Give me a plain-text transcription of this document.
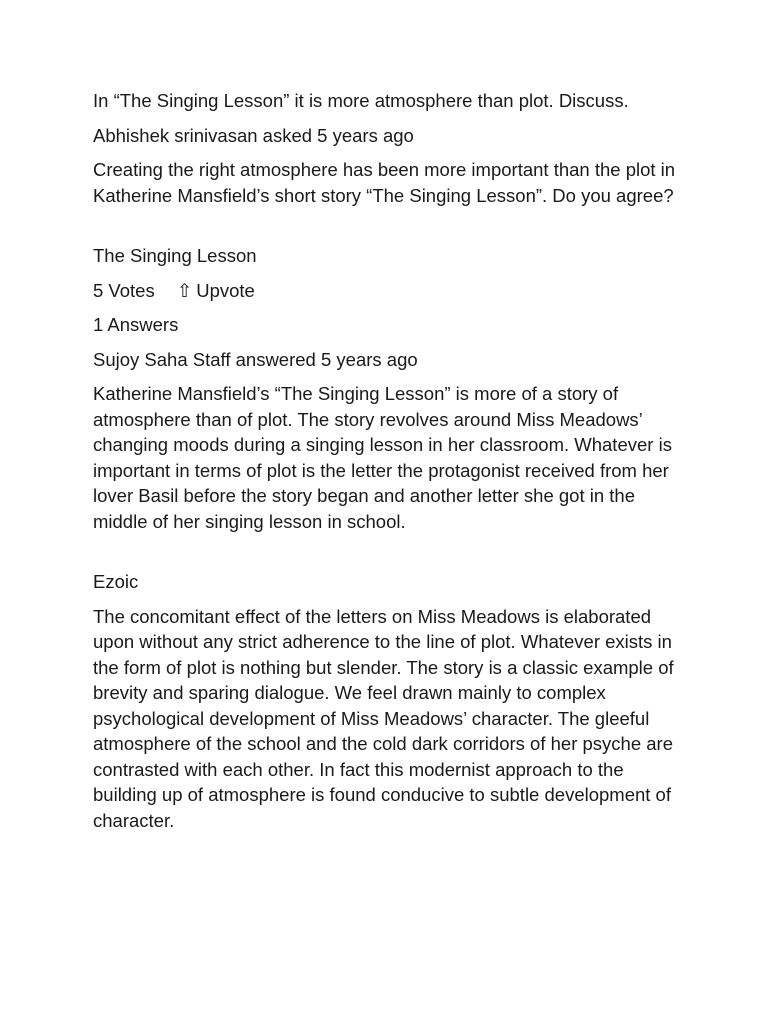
In “The Singing Lesson” it is more atmosphere than plot. Discuss.

Abhishek srinivasan asked 5 years ago

Creating the right atmosphere has been more important than the plot in Katherine Mansfield’s short story “The Singing Lesson”. Do you agree?

The Singing Lesson

5 Votes ⇧ Upvote

1 Answers

Sujoy Saha Staff answered 5 years ago

Katherine Mansfield’s “The Singing Lesson” is more of a story of atmosphere than of plot. The story revolves around Miss Meadows’ changing moods during a singing lesson in her classroom. Whatever is important in terms of plot is the letter the protagonist received from her lover Basil before the story began and another letter she got in the middle of her singing lesson in school.

Ezoic

The concomitant effect of the letters on Miss Meadows is elaborated upon without any strict adherence to the line of plot. Whatever exists in the form of plot is nothing but slender. The story is a classic example of brevity and sparing dialogue. We feel drawn mainly to complex psychological development of Miss Meadows’ character. The gleeful atmosphere of the school and the cold dark corridors of her psyche are contrasted with each other. In fact this modernist approach to the building up of atmosphere is found conducive to subtle development of character.
